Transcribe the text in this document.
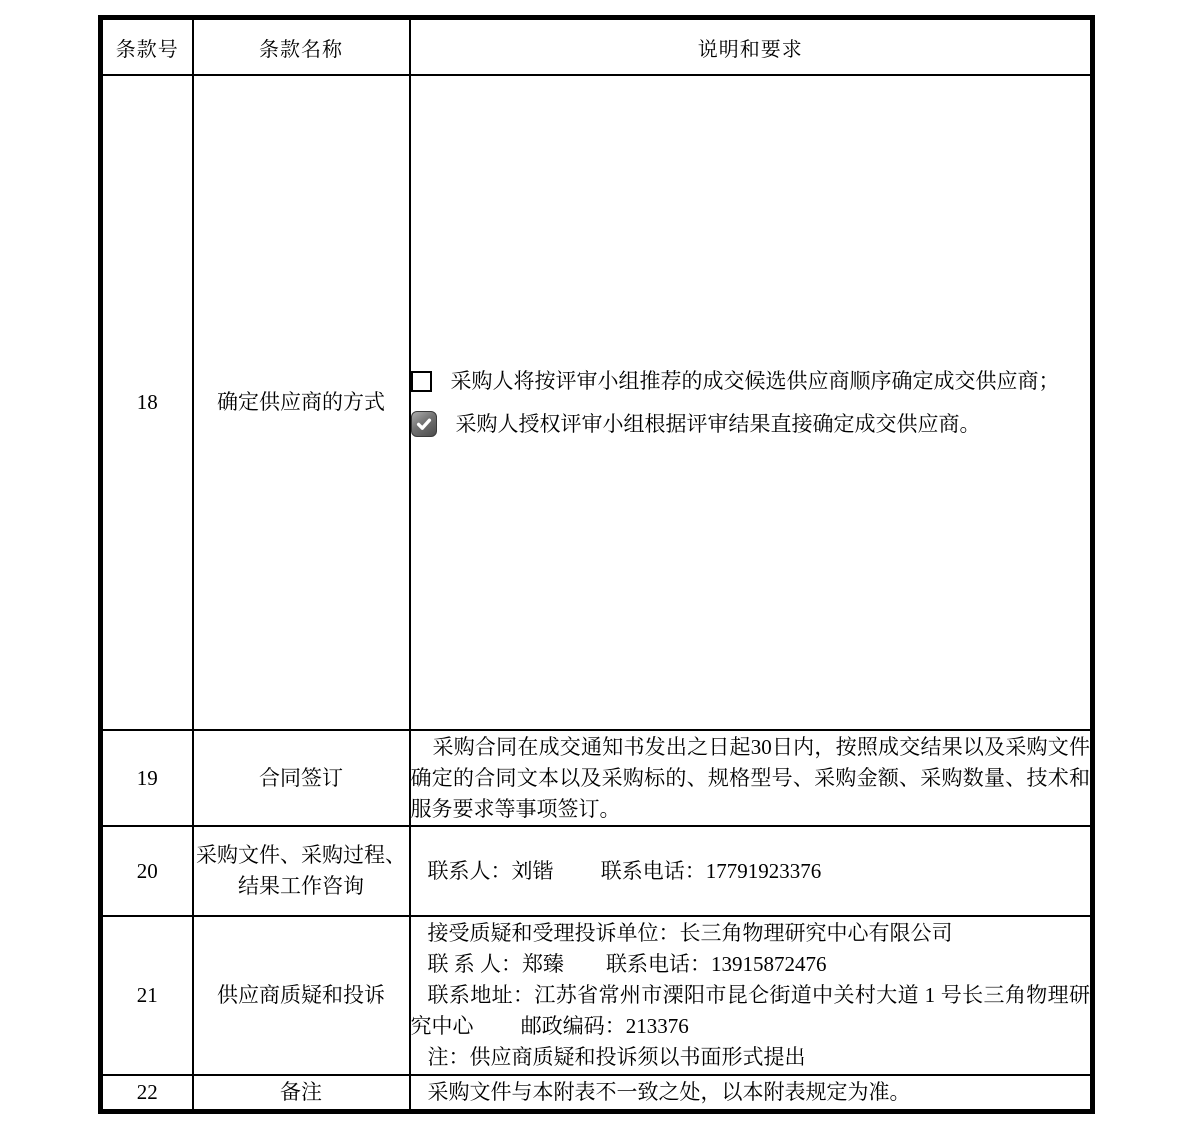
条款号	条款名称	说明和要求
18	确定供应商的方式	采购人将按评审小组推荐的成交候选供应商顺序确定成交供应商；

采购人授权评审小组根据评审结果直接确定成交供应商。

19	合同签订	采购合同在成交通知书发出之日起30日内，按照成交结果以及采购文件确定的合同文本以及采购标的、规格型号、采购金额、采购数量、技术和服务要求等事项签订。

20	采购文件、采购过程、结果工作咨询	联系人：刘锴　　 联系电话：17791923376

21	供应商质疑和投诉	接受质疑和受理投诉单位：长三角物理研究中心有限公司

联 系 人：郑臻　　联系电话：13915872476

联系地址：江苏省常州市溧阳市昆仑街道中关村大道 1 号长三角物理研究中心　　 邮政编码：213376

注：供应商质疑和投诉须以书面形式提出

22	备注	采购文件与本附表不一致之处，以本附表规定为准。
